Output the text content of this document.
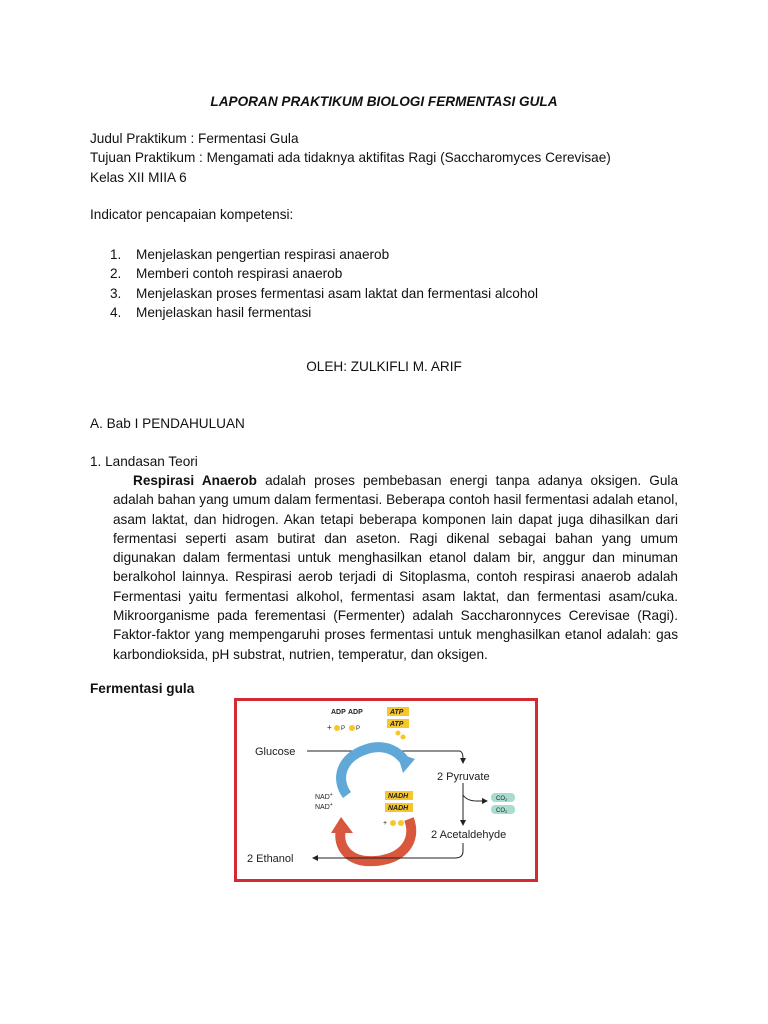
LAPORAN PRAKTIKUM BIOLOGI FERMENTASI GULA
Judul Praktikum : Fermentasi Gula
Tujuan Praktikum : Mengamati ada tidaknya aktifitas Ragi (Saccharomyces Cerevisae)
Kelas XII MIIA 6
Indicator pencapaian kompetensi:
1. Menjelaskan pengertian respirasi anaerob
2. Memberi contoh respirasi anaerob
3. Menjelaskan proses fermentasi asam laktat dan fermentasi alcohol
4. Menjelaskan hasil fermentasi
OLEH: ZULKIFLI M. ARIF
A. Bab I PENDAHULUAN
1. Landasan Teori

Respirasi Anaerob adalah proses pembebasan energi tanpa adanya oksigen. Gula adalah bahan yang umum dalam fermentasi. Beberapa contoh hasil fermentasi adalah etanol, asam laktat, dan hidrogen. Akan tetapi beberapa komponen lain dapat juga dihasilkan dari fermentasi seperti asam butirat dan aseton. Ragi dikenal sebagai bahan yang umum digunakan dalam fermentasi untuk menghasilkan etanol dalam bir, anggur dan minuman beralkohol lainnya. Respirasi aerob terjadi di Sitoplasma, contoh respirasi anaerob adalah Fermentasi yaitu fermentasi alkohol, fermentasi asam laktat, dan fermentasi asam/cuka. Mikroorganisme pada ferementasi (Fermenter) adalah Saccharonnyces Cerevisae (Ragi). Faktor-faktor yang mempengaruhi proses fermentasi untuk menghasilkan etanol adalah: gas karbondioksida, pH substrat, nutrien, temperatur, dan oksigen.

Fermentasi gula
ADP ADP
+ P P
ATP
ATP
Glucose
2 Pyruvate
CO2
CO2
NAD+
NAD+
NADH
NADH
+
2 Acetaldehyde
2 Ethanol
